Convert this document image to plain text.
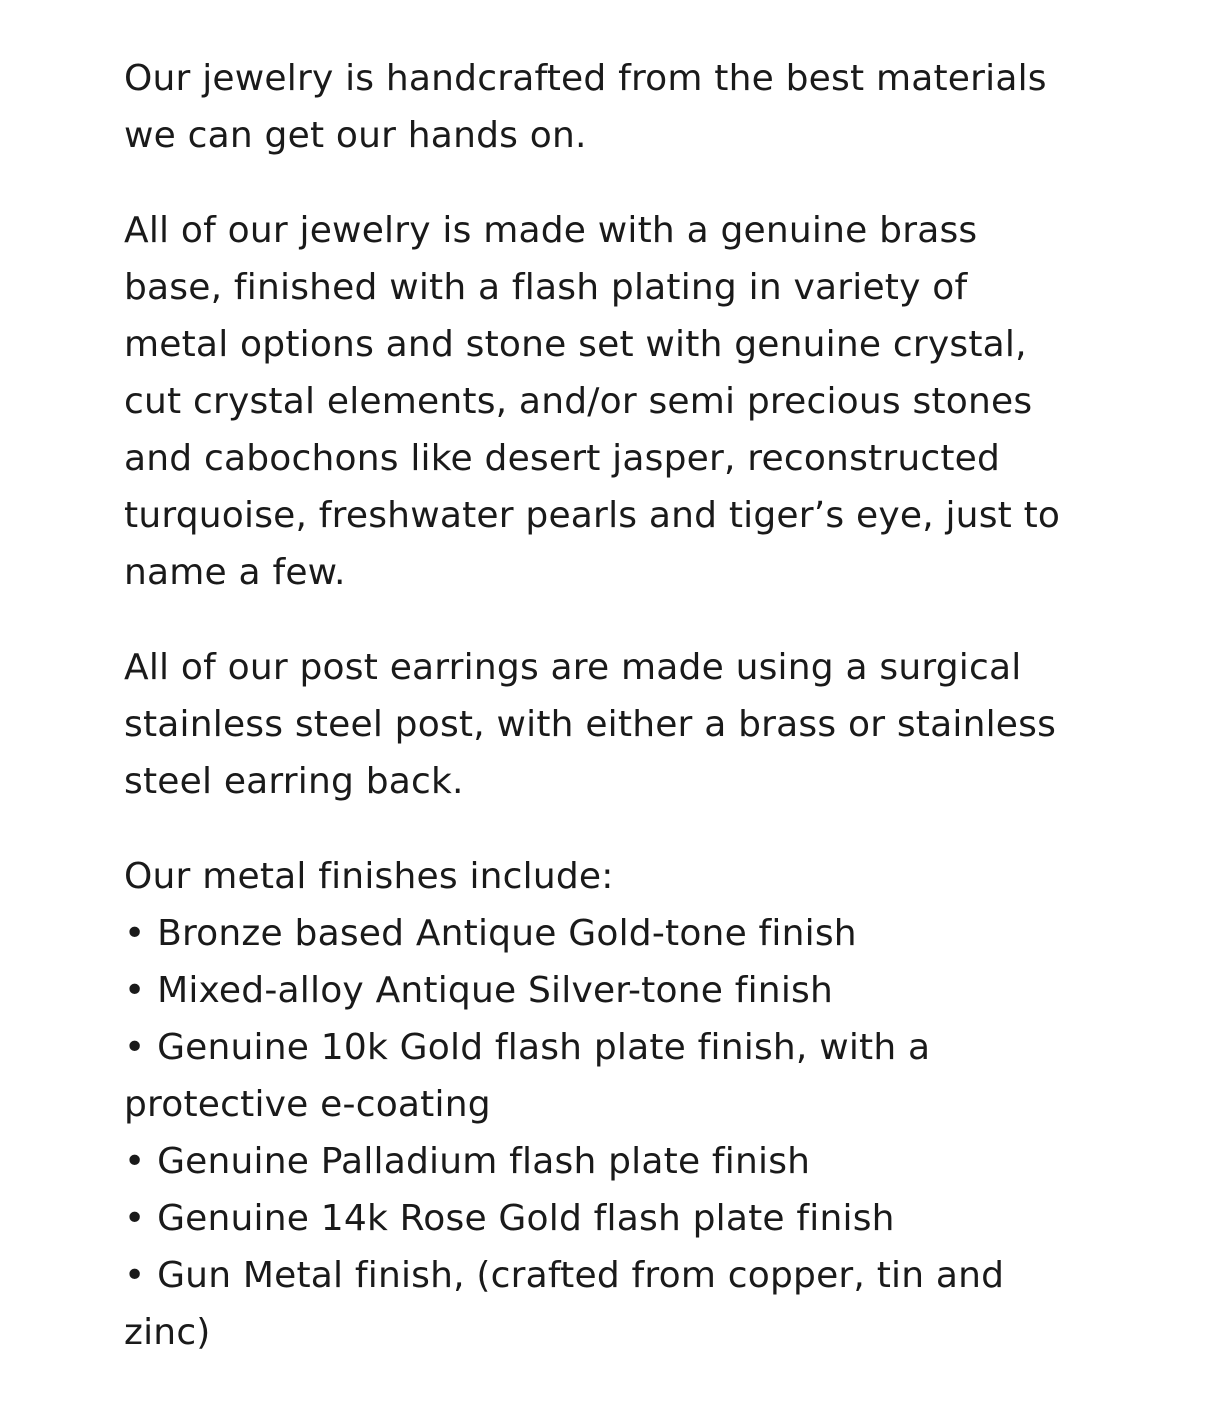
Our jewelry is handcrafted from the best materials
we can get our hands on.

All of our jewelry is made with a genuine brass
base, finished with a flash plating in variety of
metal options and stone set with genuine crystal,
cut crystal elements, and/or semi precious stones
and cabochons like desert jasper, reconstructed
turquoise, freshwater pearls and tiger’s eye, just to
name a few.

All of our post earrings are made using a surgical
stainless steel post, with either a brass or stainless
steel earring back.

Our metal finishes include:
• Bronze based Antique Gold-tone finish
• Mixed-alloy Antique Silver-tone finish
• Genuine 10k Gold flash plate finish, with a
protective e-coating
• Genuine Palladium flash plate finish
• Genuine 14k Rose Gold flash plate finish
• Gun Metal finish, (crafted from copper, tin and
zinc)
